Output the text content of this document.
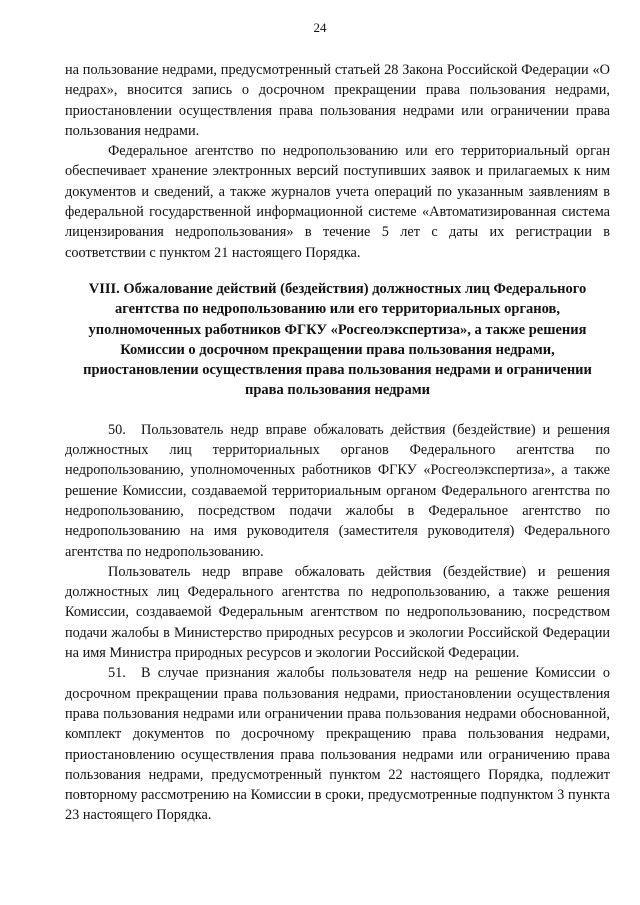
24

на пользование недрами, предусмотренный статьей 28 Закона Российской Федерации «О недрах», вносится запись о досрочном прекращении права пользования недрами, приостановлении осуществления права пользования недрами или ограничении права пользования недрами.

Федеральное агентство по недропользованию или его территориальный орган обеспечивает хранение электронных версий поступивших заявок и прилагаемых к ним документов и сведений, а также журналов учета операций по указанным заявлениям в федеральной государственной информационной системе «Автоматизированная система лицензирования недропользования» в течение 5 лет с даты их регистрации в соответствии с пунктом 21 настоящего Порядка.

VIII. Обжалование действий (бездействия) должностных лиц Федерального агентства по недропользованию или его территориальных органов, уполномоченных работников ФГКУ «Росгеолэкспертиза», а также решения Комиссии о досрочном прекращении права пользования недрами, приостановлении осуществления права пользования недрами и ограничении права пользования недрами

50. Пользователь недр вправе обжаловать действия (бездействие) и решения должностных лиц территориальных органов Федерального агентства по недропользованию, уполномоченных работников ФГКУ «Росгеолэкспертиза», а также решение Комиссии, создаваемой территориальным органом Федерального агентства по недропользованию, посредством подачи жалобы в Федеральное агентство по недропользованию на имя руководителя (заместителя руководителя) Федерального агентства по недропользованию.

Пользователь недр вправе обжаловать действия (бездействие) и решения должностных лиц Федерального агентства по недропользованию, а также решения Комиссии, создаваемой Федеральным агентством по недропользованию, посредством подачи жалобы в Министерство природных ресурсов и экологии Российской Федерации на имя Министра природных ресурсов и экологии Российской Федерации.

51. В случае признания жалобы пользователя недр на решение Комиссии о досрочном прекращении права пользования недрами, приостановлении осуществления права пользования недрами или ограничении права пользования недрами обоснованной, комплект документов по досрочному прекращению права пользования недрами, приостановлению осуществления права пользования недрами или ограничению права пользования недрами, предусмотренный пунктом 22 настоящего Порядка, подлежит повторному рассмотрению на Комиссии в сроки, предусмотренные подпунктом 3 пункта 23 настоящего Порядка.
